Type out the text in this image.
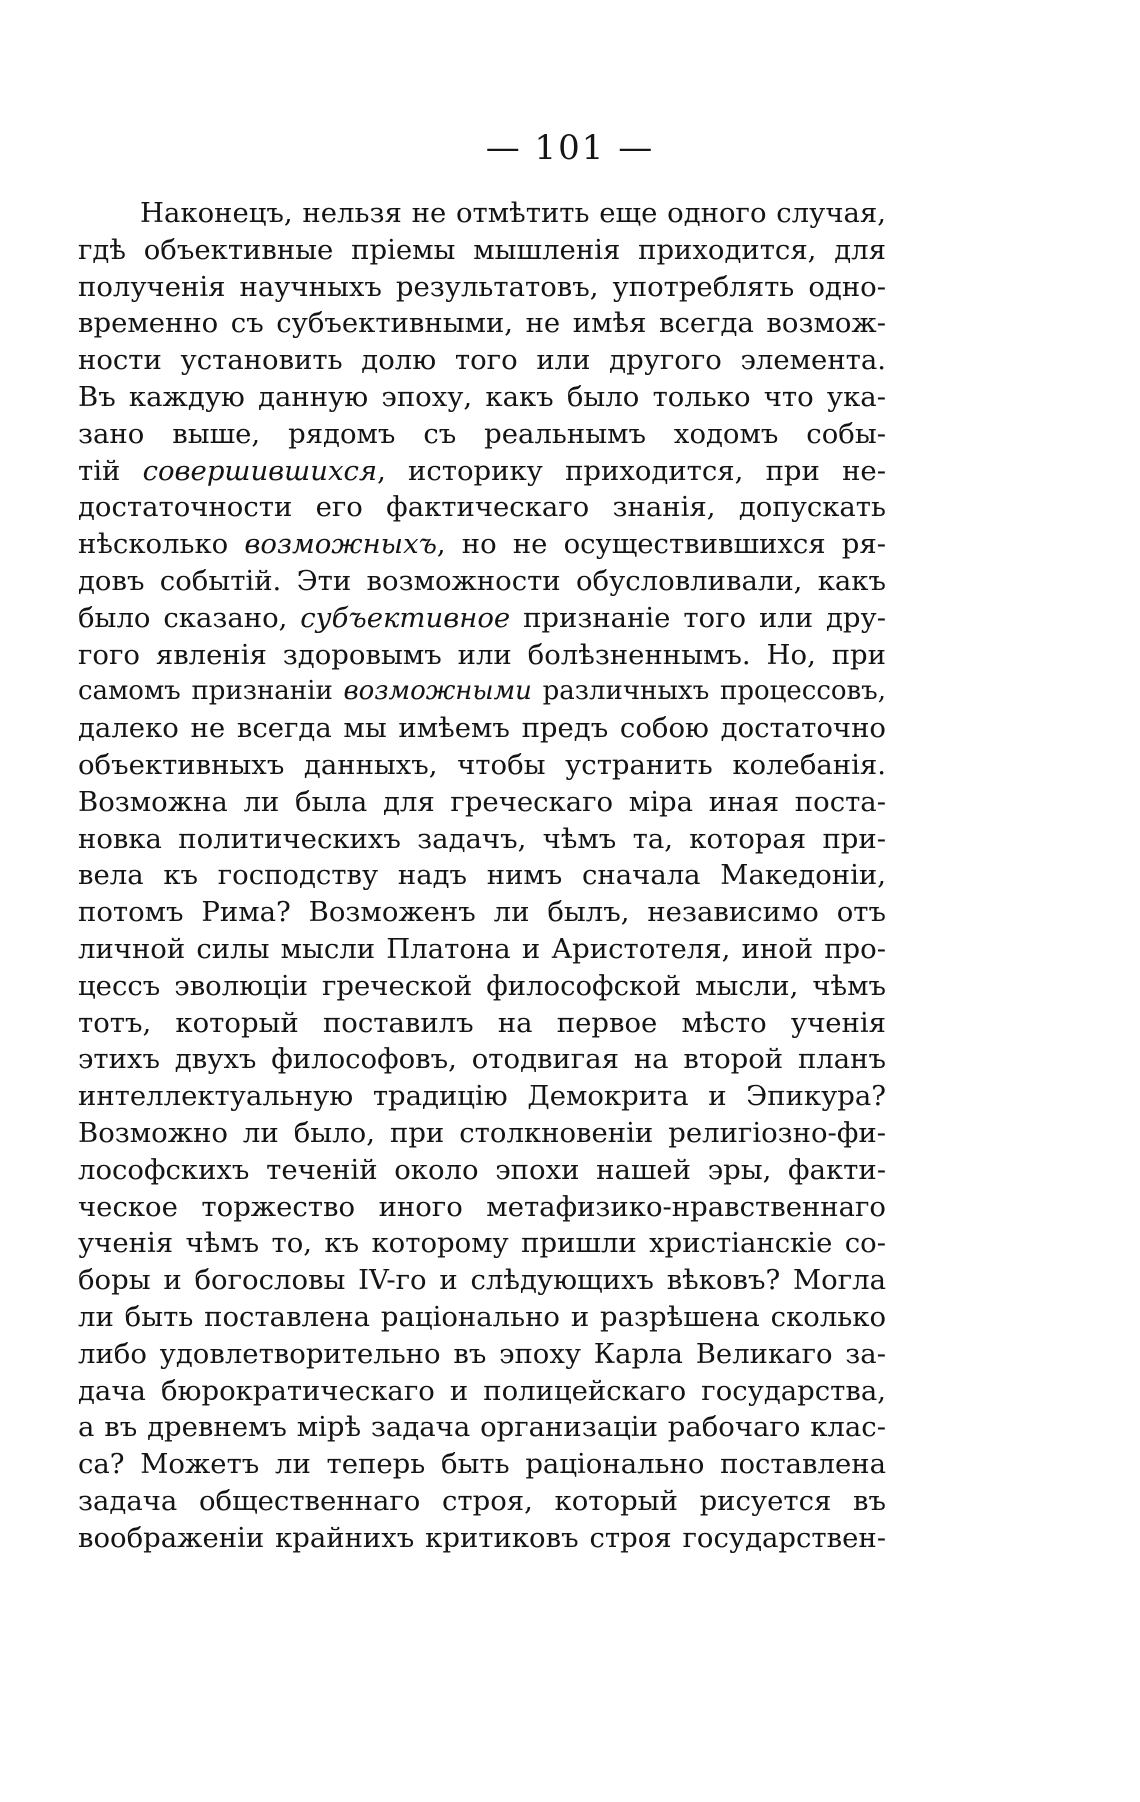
— 101 —
Наконецъ, нельзя не отмѣтить еще одного случая,
гдѣ объективные пріемы мышленія приходится, для
полученія научныхъ результатовъ, употреблять одно-
временно съ субъективными, не имѣя всегда возмож-
ности установить долю того или другого элемента.
Въ каждую данную эпоху, какъ было только что ука-
зано выше, рядомъ съ реальнымъ ходомъ собы-
тій совершившихся, историку приходится, при не-
достаточности его фактическаго знанія, допускать
нѣсколько возможныхъ, но не осуществившихся ря-
довъ событій. Эти возможности обусловливали, какъ
было сказано, субъективное признаніе того или дру-
гого явленія здоровымъ или болѣзненнымъ. Но, при
самомъ признаніи возможными различныхъ процессовъ,
далеко не всегда мы имѣемъ предъ собою достаточно
объективныхъ данныхъ, чтобы устранить колебанія.
Возможна ли была для греческаго міра иная поста-
новка политическихъ задачъ, чѣмъ та, которая при-
вела къ господству надъ нимъ сначала Македоніи,
потомъ Рима? Возможенъ ли былъ, независимо отъ
личной силы мысли Платона и Аристотеля, иной про-
цессъ эволюціи греческой философской мысли, чѣмъ
тотъ, который поставилъ на первое мѣсто ученія
этихъ двухъ философовъ, отодвигая на второй планъ
интеллектуальную традицію Демокрита и Эпикура?
Возможно ли было, при столкновеніи религіозно-фи-
лософскихъ теченій около эпохи нашей эры, факти-
ческое торжество иного метафизико-нравственнаго
ученія чѣмъ то, къ которому пришли христіанскіе со-
боры и богословы IV-го и слѣдующихъ вѣковъ? Могла
ли быть поставлена раціонально и разрѣшена сколько
либо удовлетворительно въ эпоху Карла Великаго за-
дача бюрократическаго и полицейскаго государства,
а въ древнемъ мірѣ задача организаціи рабочаго клас-
са? Можетъ ли теперь быть раціонально поставлена
задача общественнаго строя, который рисуется въ
воображеніи крайнихъ критиковъ строя государствен-
